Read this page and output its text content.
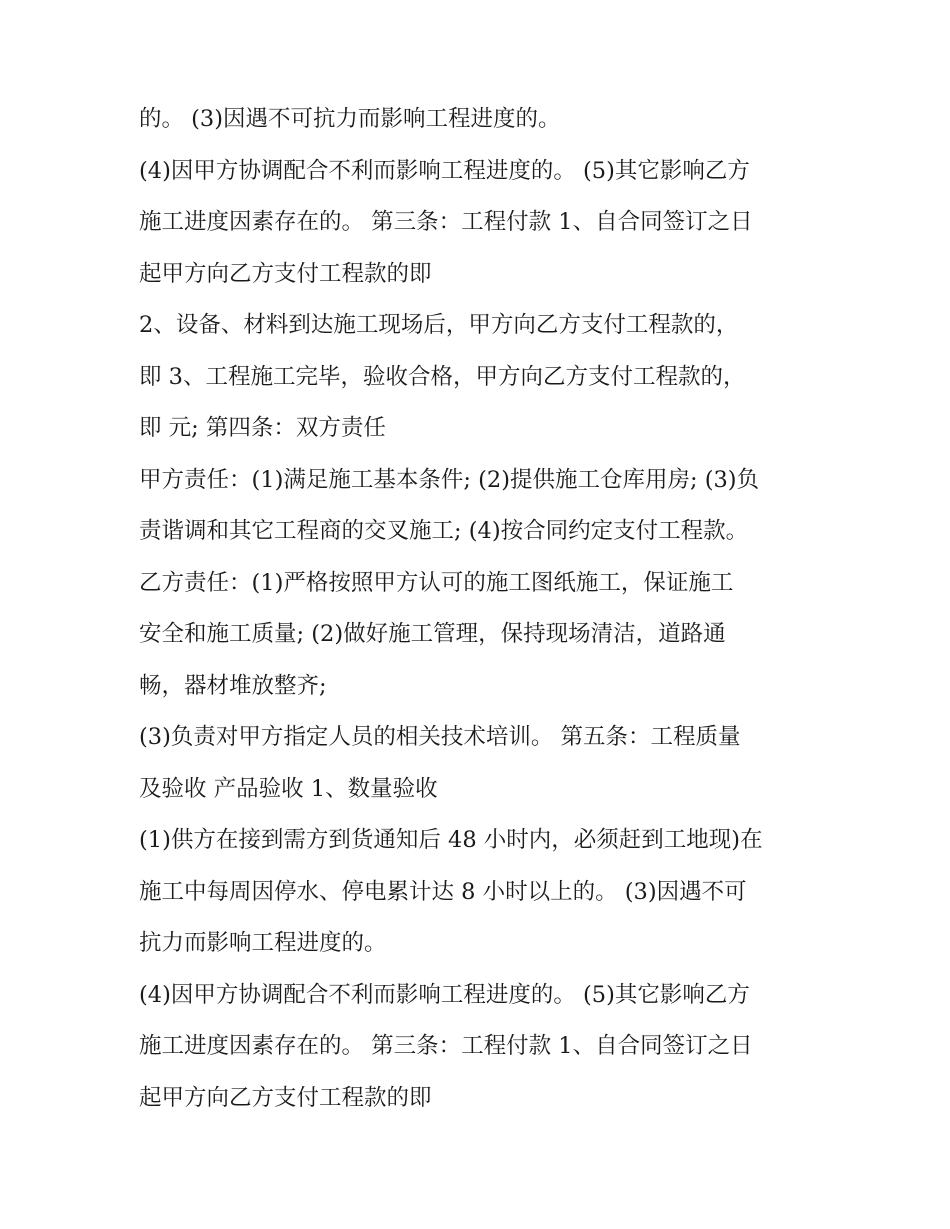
的。 (3)因遇不可抗力而影响工程进度的。

(4)因甲方协调配合不利而影响工程进度的。 (5)其它影响乙方

施工进度因素存在的。 第三条：工程付款 1、自合同签订之日

起甲方向乙方支付工程款的即

2、设备、材料到达施工现场后，甲方向乙方支付工程款的，

即 3、工程施工完毕，验收合格，甲方向乙方支付工程款的，

即 元; 第四条：双方责任

甲方责任：(1)满足施工基本条件; (2)提供施工仓库用房; (3)负

责谐调和其它工程商的交叉施工; (4)按合同约定支付工程款。

乙方责任：(1)严格按照甲方认可的施工图纸施工，保证施工

安全和施工质量; (2)做好施工管理，保持现场清洁，道路通

畅，器材堆放整齐;

(3)负责对甲方指定人员的相关技术培训。 第五条：工程质量

及验收 产品验收 1、数量验收

(1)供方在接到需方到货通知后 48 小时内，必须赶到工地现)在

施工中每周因停水、停电累计达 8 小时以上的。 (3)因遇不可

抗力而影响工程进度的。

(4)因甲方协调配合不利而影响工程进度的。 (5)其它影响乙方

施工进度因素存在的。 第三条：工程付款 1、自合同签订之日

起甲方向乙方支付工程款的即
